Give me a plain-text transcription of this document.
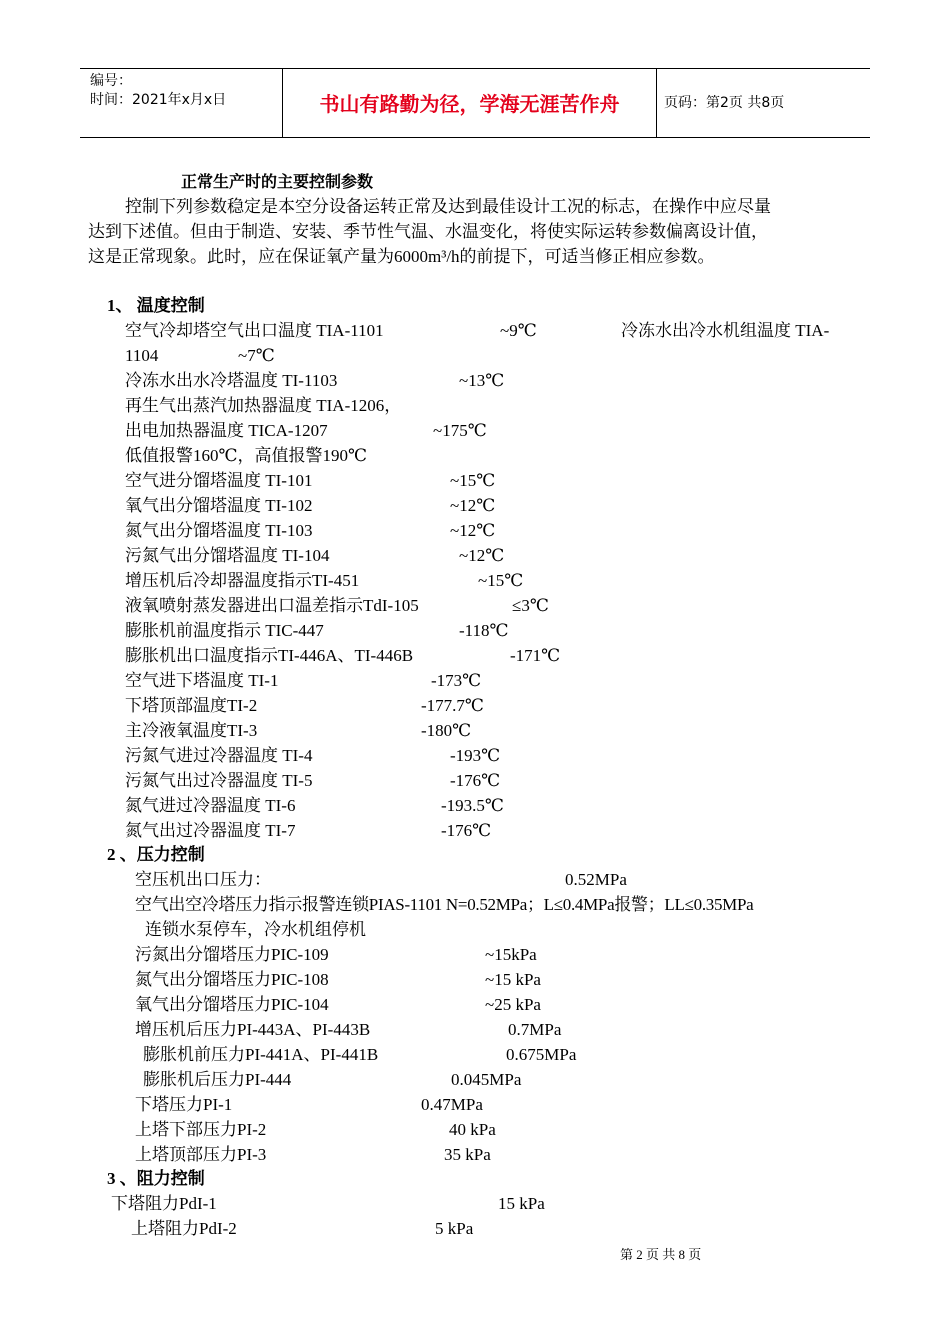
编号：
时间：2021年x月x日	书山有路勤为径，学海无涯苦作舟	页码：第2页 共8页
正常生产时的主要控制参数
控制下列参数稳定是本空分设备运转正常及达到最佳设计工况的标志，在操作中应尽量
达到下述值。但由于制造、安装、季节性气温、水温变化，将使实际运转参数偏离设计值，
这是正常现象。此时，应在保证氧产量为6000m³/h的前提下，可适当修正相应参数。
1、 温度控制
空气冷却塔空气出口温度 TIA-1101	~9℃	冷冻水出冷水机组温度 TIA-
1104	~7℃
冷冻水出水冷塔温度 TI-1103	~13℃
再生气出蒸汽加热器温度 TIA-1206，
出电加热器温度 TICA-1207	~175℃
低值报警160℃，高值报警190℃
空气进分馏塔温度 TI-101	~15℃
氧气出分馏塔温度 TI-102	~12℃
氮气出分馏塔温度 TI-103	~12℃
污氮气出分馏塔温度 TI-104	~12℃
增压机后冷却器温度指示TI-451	~15℃
液氧喷射蒸发器进出口温差指示TdI-105	≤3℃
膨胀机前温度指示 TIC-447	-118℃
膨胀机出口温度指示TI-446A、TI-446B	-171℃
空气进下塔温度 TI-1	-173℃
下塔顶部温度TI-2	-177.7℃
主冷液氧温度TI-3	-180℃
污氮气进过冷器温度 TI-4	-193℃
污氮气出过冷器温度 TI-5	-176℃
氮气进过冷器温度 TI-6	-193.5℃
氮气出过冷器温度 TI-7	-176℃
2 、压力控制
空压机出口压力：	0.52MPa
空气出空冷塔压力指示报警连锁PIAS-1101 N=0.52MPa；L≤0.4MPa报警；LL≤0.35MPa
连锁水泵停车，冷水机组停机
污氮出分馏塔压力PIC-109	~15kPa
氮气出分馏塔压力PIC-108	~15 kPa
氧气出分馏塔压力PIC-104	~25 kPa
增压机后压力PI-443A、PI-443B	0.7MPa
膨胀机前压力PI-441A、PI-441B	0.675MPa
膨胀机后压力PI-444	0.045MPa
下塔压力PI-1	0.47MPa
上塔下部压力PI-2	40 kPa
上塔顶部压力PI-3	35 kPa
3 、阻力控制
下塔阻力PdI-1	15 kPa
上塔阻力PdI-2	5 kPa
第 2 页 共 8 页
